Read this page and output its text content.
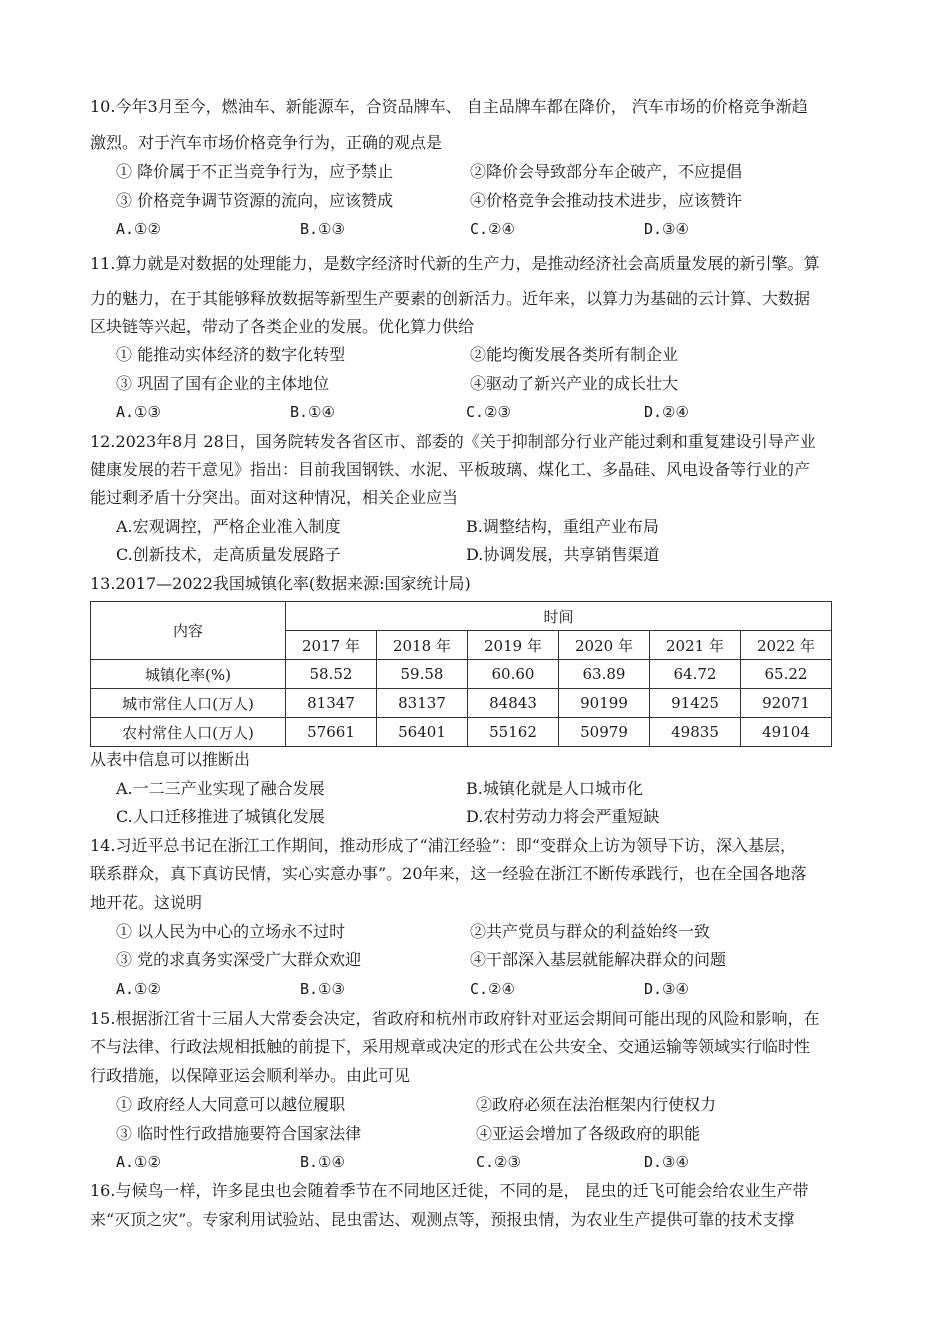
10.今年3月至今，燃油车、新能源车，合资品牌车、 自主品牌车都在降价， 汽车市场的价格竞争渐趋
激烈。对于汽车市场价格竞争行为，正确的观点是
① 降价属于不正当竞争行为，应予禁止	②降价会导致部分车企破产，不应提倡
③ 价格竞争调节资源的流向，应该赞成	④价格竞争会推动技术进步，应该赞许
A.①②	B.①③	C.②④	D.③④
11.算力就是对数据的处理能力，是数字经济时代新的生产力，是推动经济社会高质量发展的新引擎。算
力的魅力，在于其能够释放数据等新型生产要素的创新活力。近年来，以算力为基础的云计算、大数据
区块链等兴起，带动了各类企业的发展。优化算力供给
① 能推动实体经济的数字化转型	②能均衡发展各类所有制企业
③ 巩固了国有企业的主体地位	④驱动了新兴产业的成长壮大
A.①③	B.①④	C.②③	D.②④
12.2023年8月 28日，国务院转发各省区市、部委的《关于抑制部分行业产能过剩和重复建设引导产业
健康发展的若干意见》指出：目前我国钢铁、水泥、平板玻璃、煤化工、多晶硅、风电设备等行业的产
能过剩矛盾十分突出。面对这种情况，相关企业应当
A.宏观调控，严格企业准入制度	B.调整结构，重组产业布局
C.创新技术，走高质量发展路子	D.协调发展，共享销售渠道
13.2017—2022我国城镇化率(数据来源:国家统计局)
内容	时间					
	2017 年	2018 年	2019 年	2020 年	2021 年	2022 年
城镇化率(%)	58.52	59.58	60.60	63.89	64.72	65.22
城市常住人口(万人)	81347	83137	84843	90199	91425	92071
农村常住人口(万人)	57661	56401	55162	50979	49835	49104
从表中信息可以推断出
A.一二三产业实现了融合发展	B.城镇化就是人口城市化
C.人口迁移推进了城镇化发展	D.农村劳动力将会严重短缺
14.习近平总书记在浙江工作期间，推动形成了“浦江经验”：即“变群众上访为领导下访，深入基层，
联系群众，真下真访民情，实心实意办事”。20年来，这一经验在浙江不断传承践行，也在全国各地落
地开花。这说明
① 以人民为中心的立场永不过时	②共产党员与群众的利益始终一致
③ 党的求真务实深受广大群众欢迎	④干部深入基层就能解决群众的问题
A.①②	B.①③	C.②④	D.③④
15.根据浙江省十三届人大常委会决定，省政府和杭州市政府针对亚运会期间可能出现的风险和影响，在
不与法律、行政法规相抵触的前提下，采用规章或决定的形式在公共安全、交通运输等领域实行临时性
行政措施，以保障亚运会顺利举办。由此可见
① 政府经人大同意可以越位履职	②政府必须在法治框架内行使权力
③ 临时性行政措施要符合国家法律	④亚运会增加了各级政府的职能
A.①②	B.①④	C.②③	D.③④
16.与候鸟一样，许多昆虫也会随着季节在不同地区迁徙，不同的是， 昆虫的迁飞可能会给农业生产带
来“灭顶之灾”。专家利用试验站、昆虫雷达、观测点等，预报虫情，为农业生产提供可靠的技术支撑
